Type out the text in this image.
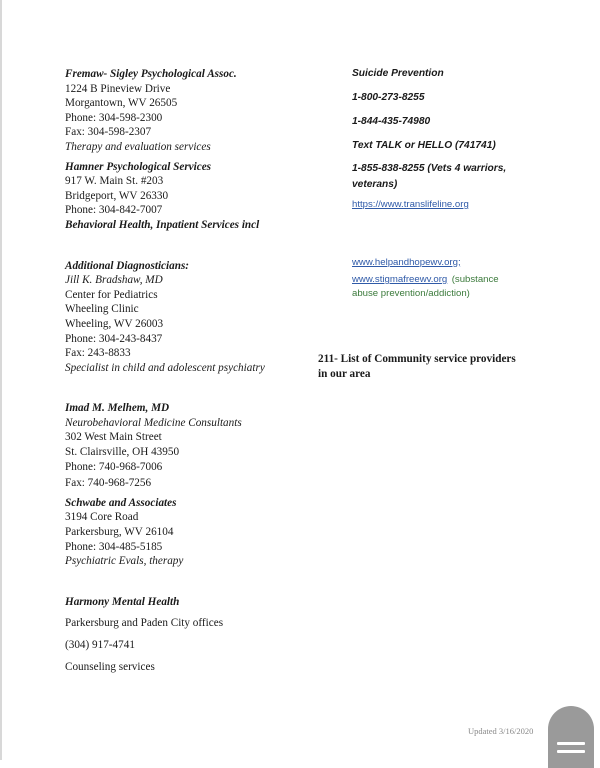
Fremaw- Sigley Psychological Assoc.
1224 B Pineview Drive
Morgantown, WV 26505
Phone: 304-598-2300
Fax: 304-598-2307
Therapy and evaluation services
Hamner Psychological Services
917 W. Main St. #203
Bridgeport, WV 26330
Phone: 304-842-7007
Behavioral Health, Inpatient Services incl
Additional Diagnosticians:
Jill K. Bradshaw, MD
Center for Pediatrics
Wheeling Clinic
Wheeling, WV 26003
Phone: 304-243-8437
Fax: 243-8833
Specialist in child and adolescent psychiatry
Imad M. Melhem, MD
Neurobehavioral Medicine Consultants
302 West Main Street
St. Clairsville, OH 43950
Phone: 740-968-7006
Fax: 740-968-7256
Schwabe and Associates
3194 Core Road
Parkersburg, WV 26104
Phone: 304-485-5185
Psychiatric Evals, therapy
Harmony Mental Health
Parkersburg and Paden City offices
(304) 917-4741
Counseling services
Suicide Prevention
1-800-273-8255
1-844-435-74980
Text TALK or HELLO (741741)
1-855-838-8255 (Vets 4 warriors,
veterans)
https://www.translifeline.org
www.helpandhopewv.org;
www.stigmafreewv.org (substance
abuse prevention/addiction)
211- List of Community service providers
in our area
Updated 3/16/2020
